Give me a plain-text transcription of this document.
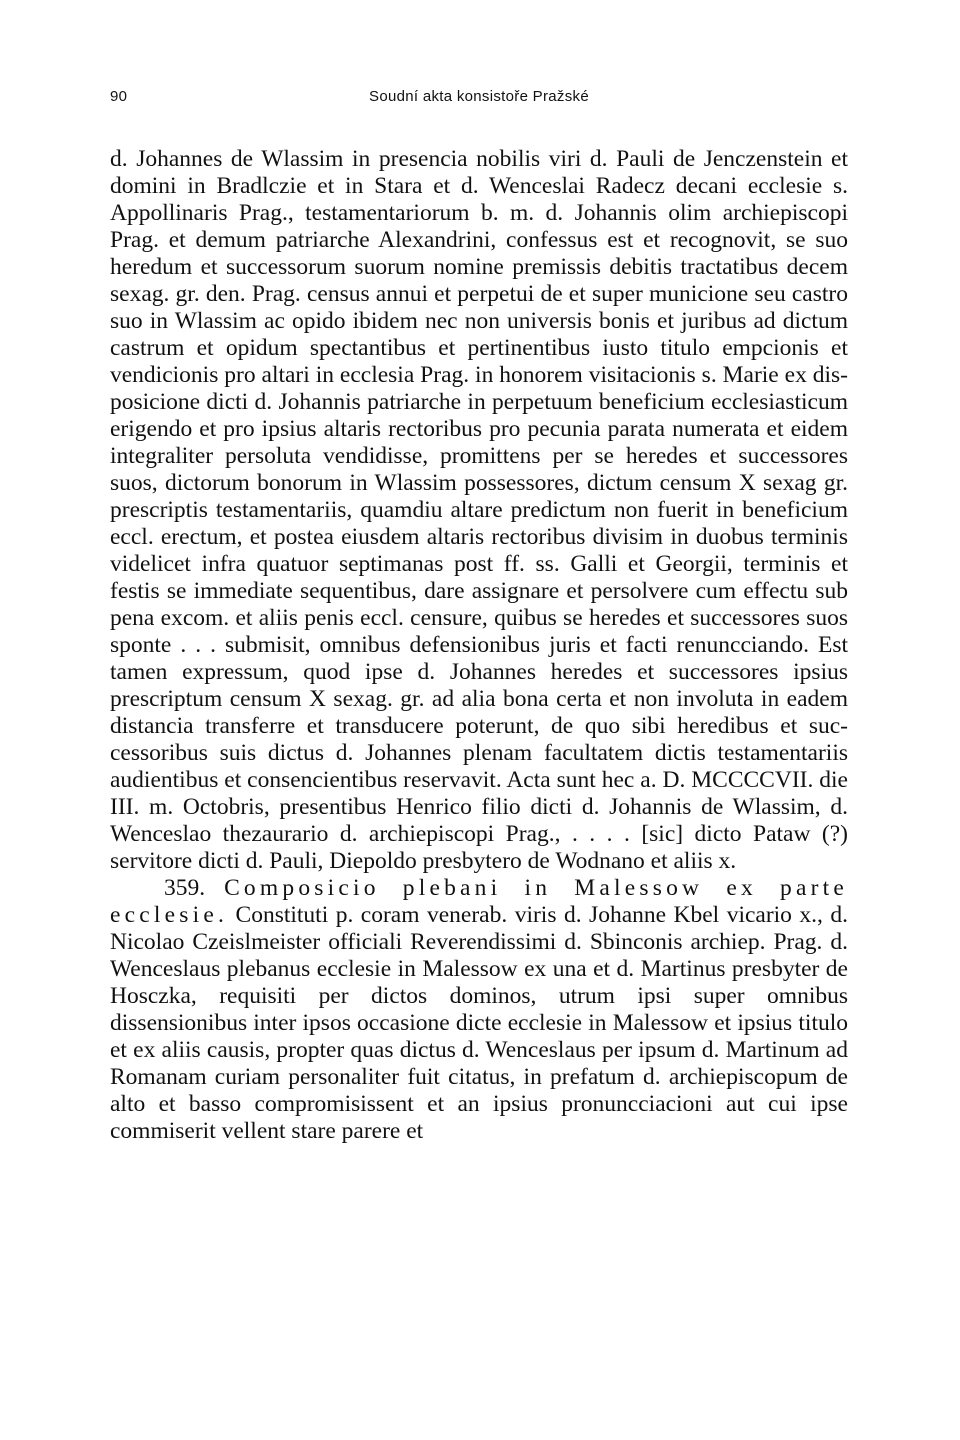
90	Soudní akta konsistoře Pražské

d. Johannes de Wlassim in presencia nobilis viri d. Pauli de Jenczenstein et domini in Bradlczie et in Stara et d. Wenceslai Radecz decani ecclesie s. Appollinaris Prag., testamentariorum b. m. d. Johannis olim archiepiscopi Prag. et demum patriarche Alexandrini, confessus est et recognovit, se suo heredum et successorum suorum nomine premissis debitis tractatibus decem sexag. gr. den. Prag. census annui et perpetui de et super municione seu castro suo in Wlassim ac opido ibidem nec non universis bonis et juribus ad dictum castrum et opidum spectantibus et pertinentibus iusto titulo empcionis et vendicionis pro altari in ecclesia Prag. in honorem visitacionis s. Marie ex disposicione dicti d. Johannis patriarche in perpetuum beneficium ecclesiasticum erigendo et pro ipsius altaris rectoribus pro pecunia parata numerata et eidem integraliter persoluta vendidisse, promittens per se heredes et successores suos, dictorum bonorum in Wlassim possessores, dictum censum X sexag gr. prescriptis testamentariis, quamdiu altare predictum non fuerit in beneficium eccl. erectum, et postea eiusdem altaris rectoribus divisim in duobus terminis videlicet infra quatuor septimanas post ff. ss. Galli et Georgii, terminis et festis se immediate sequentibus, dare assignare et persolvere cum effectu sub pena excom. et aliis penis eccl. censure, quibus se heredes et successores suos sponte . . . submisit, omnibus defensionibus juris et facti renuncciando. Est tamen expressum, quod ipse d. Johannes heredes et successores ipsius prescriptum censum X sexag. gr. ad alia bona certa et non involuta in eadem distancia transferre et transducere poterunt, de quo sibi heredibus et successoribus suis dictus d. Johannes plenam facultatem dictis testamentariis audientibus et consencientibus reservavit. Acta sunt hec a. D. MCCCCVII. die III. m. Octobris, presentibus Henrico filio dicti d. Johannis de Wlassim, d. Wenceslao thezaurario d. archiepiscopi Prag., . . . . [sic] dicto Pataw (?) servitore dicti d. Pauli, Diepoldo presbytero de Wodnano et aliis x.

359. Composicio plebani in Malessow ex parte ecclesie. Constituti p. coram venerab. viris d. Johanne Kbel vicario x., d. Nicolao Czeislmeister officiali Reverendissimi d. Sbinconis archiep. Prag. d. Wenceslaus plebanus ecclesie in Malessow ex una et d. Martinus presbyter de Hosczka, requisiti per dictos dominos, utrum ipsi super omnibus dissensionibus inter ipsos occasione dicte ecclesie in Malessow et ipsius titulo et ex aliis causis, propter quas dictus d. Wenceslaus per ipsum d. Martinum ad Romanam curiam personaliter fuit citatus, in prefatum d. archiepiscopum de alto et basso compromisissent et an ipsius pronuncciacioni aut cui ipse commiserit vellent stare parere et
